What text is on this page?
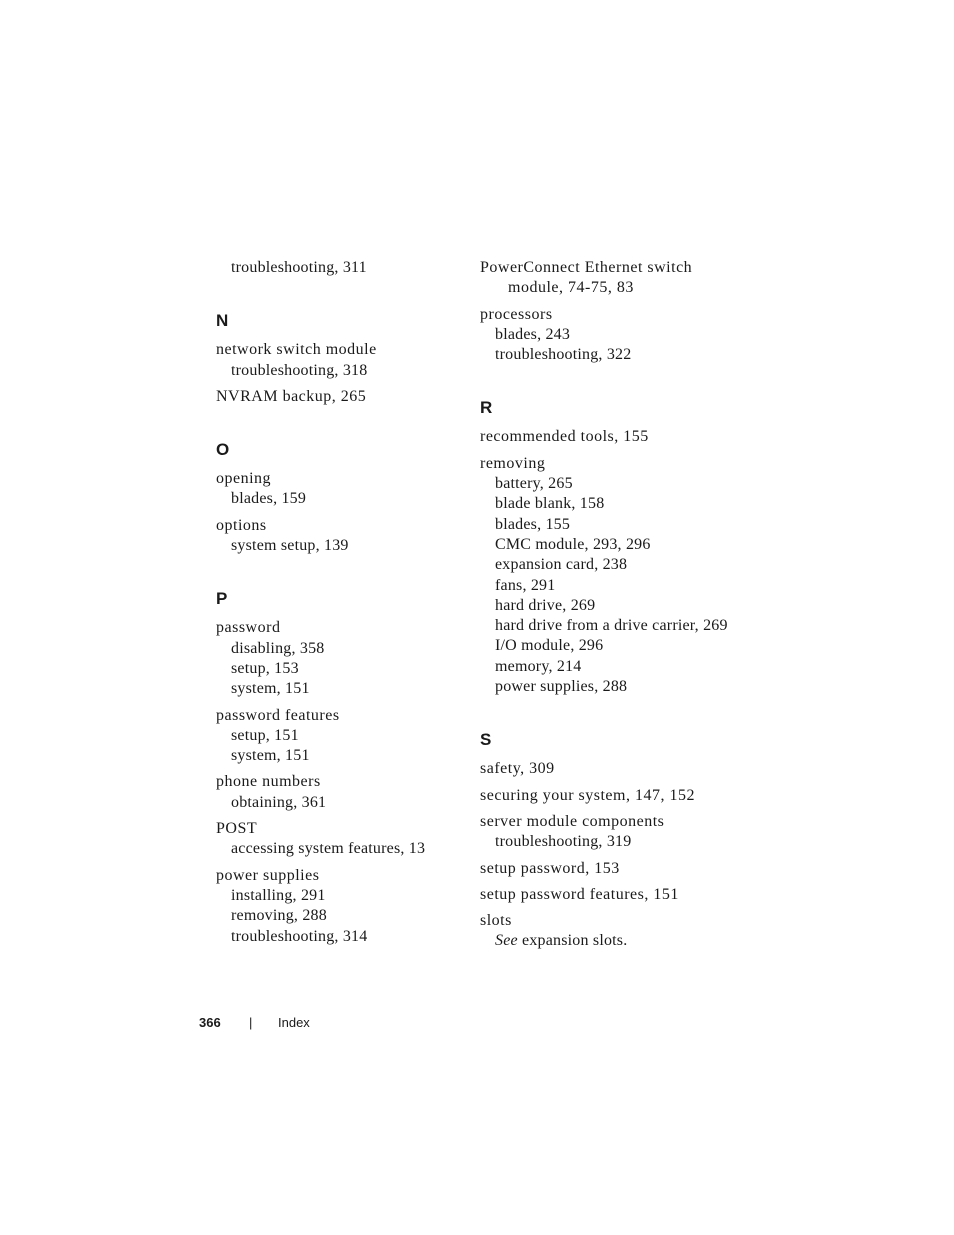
troubleshooting, 311
N
network switch module
troubleshooting, 318
NVRAM backup, 265
O
opening
blades, 159
options
system setup, 139
P
password
disabling, 358
setup, 153
system, 151
password features
setup, 151
system, 151
phone numbers
obtaining, 361
POST
accessing system features, 13
power supplies
installing, 291
removing, 288
troubleshooting, 314
PowerConnect Ethernet switch
module, 74-75, 83
processors
blades, 243
troubleshooting, 322
R
recommended tools, 155
removing
battery, 265
blade blank, 158
blades, 155
CMC module, 293, 296
expansion card, 238
fans, 291
hard drive, 269
hard drive from a drive carrier, 269
I/O module, 296
memory, 214
power supplies, 288
S
safety, 309
securing your system, 147, 152
server module components
troubleshooting, 319
setup password, 153
setup password features, 151
slots
See expansion slots.
366 | Index
